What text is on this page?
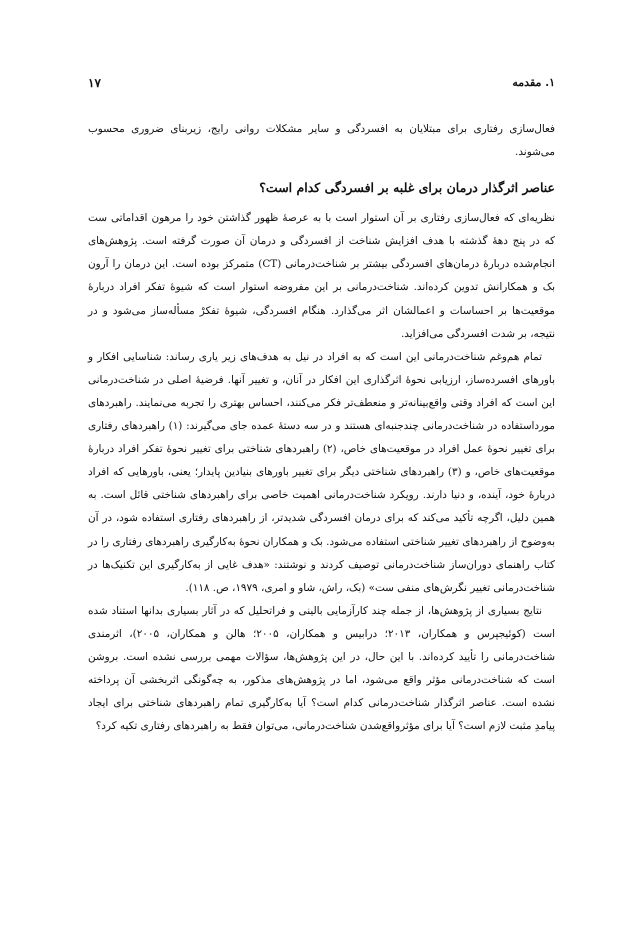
۱. مقدمه
۱۷

فعال‌سازی رفتاری برای مبتلایان به افسردگی و سایر مشکلات روانی رایج، زیربنای ضروری محسوب می‌شوند.

عناصر اثرگذار درمان برای غلبه بر افسردگی کدام است؟

نظریه‌ای که فعال‌سازی رفتاری بر آن استوار است با به عرصهٔ ظهور گذاشتن خود را مرهون اقداماتی ست که در پنج دههٔ گذشته با هدف افزایش شناخت از افسردگی و درمان آن صورت گرفته است. پژوهش‌های انجام‌شده دربارهٔ درمان‌های افسردگی بیشتر بر شناخت‌درمانی (CT) متمرکز بوده است. این درمان را آرون بک و همکارانش تدوین کرده‌اند. شناخت‌درمانی بر این مفروضه استوار است که شیوهٔ تفکر افراد دربارهٔ موقعیت‌ها بر احساسات و اعمالشان اثر می‌گذارد. هنگام افسردگی، شیوهٔ تفکرْ مسأله‌ساز می‌شود و در نتیجه، بر شدت افسردگی می‌افزاید.

تمام هم‌وغم شناخت‌درمانی این است که به افراد در نیل به هدف‌های زیر یاری رساند: شناسایی افکار و باورهای افسرده‌ساز، ارزیابی نحوهٔ اثرگذاری این افکار در آنان، و تغییر آنها. فرضیهٔ اصلی در شناخت‌درمانی این است که افراد وقتی واقع‌بینانه‌تر و منعطف‌تر فکر می‌کنند، احساس بهتری را تجربه می‌نمایند. راهبردهای مورداستفاده در شناخت‌درمانی چندجنبه‌ای هستند و در سه دستهٔ عمده جای می‌گیرند: (۱) راهبردهای رفتاری برای تغییر نحوهٔ عمل افراد در موقعیت‌های خاص، (۲) راهبردهای شناختی برای تغییر نحوهٔ تفکر افراد دربارهٔ موقعیت‌های خاص، و (۳) راهبردهای شناختی دیگر برای تغییر باورهای بنیادین پایدار؛ یعنی، باورهایی که افراد دربارهٔ خود، آینده، و دنیا دارند. رویکرد شناخت‌درمانی اهمیت خاصی برای راهبردهای شناختی قائل است. به همین دلیل، اگرچه تأکید می‌کند که برای درمان افسردگی شدیدتر، از راهبردهای رفتاری استفاده شود، در آن به‌وضوح از راهبردهای تغییر شناختی استفاده می‌شود. بک و همکاران نحوهٔ به‌کارگیری راهبردهای رفتاری را در کتاب راهنمای دوران‌ساز شناخت‌درمانی توصیف کردند و نوشتند: «هدف غایی از به‌کارگیری این تکنیک‌ها در شناخت‌درمانی تغییر نگرش‌های منفی ست» (بک، راش، شاو و امری، ۱۹۷۹، ص. ۱۱۸).

نتایج بسیاری از پژوهش‌ها، از جمله چند کارآزمایی بالینی و فراتحلیل که در آثار بسیاری بدانها استناد شده است (کوئیجپرس و همکاران، ۲۰۱۳؛ درابیس و همکاران، ۲۰۰۵؛ هالن و همکاران، ۲۰۰۵)، اثرمندی شناخت‌درمانی را تأیید کرده‌اند. با این حال، در این پژوهش‌ها، سؤالات مهمی بررسی نشده است. بروشن است که شناخت‌درمانی مؤثر واقع می‌شود، اما در پژوهش‌های مذکور، به چه‌گونگی اثربخشی آن پرداخته نشده است. عناصر اثرگذار شناخت‌درمانی کدام است؟ آیا به‌کارگیری تمام راهبردهای شناختی برای ایجاد پیامدِ مثبت لازم است؟ آیا برای مؤثرواقع‌شدن شناخت‌درمانی، می‌توان فقط به راهبردهای رفتاری تکیه کرد؟
